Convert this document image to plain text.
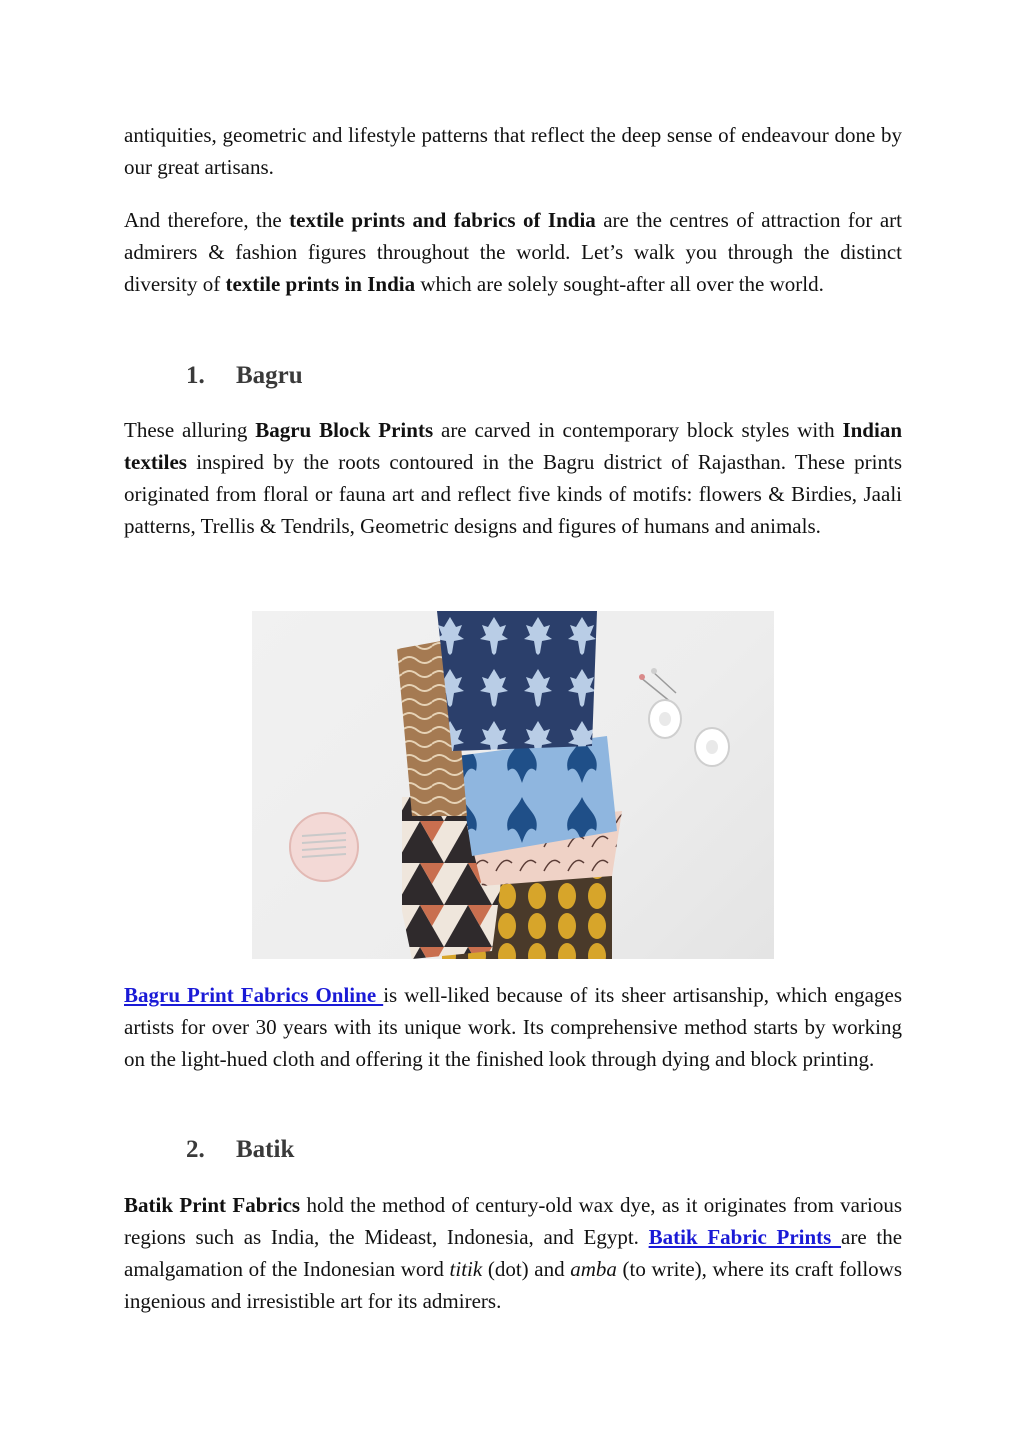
antiquities, geometric and lifestyle patterns that reflect the deep sense of endeavour done by our great artisans.

And therefore, the textile prints and fabrics of India are the centres of attraction for art admirers & fashion figures throughout the world. Let’s walk you through the distinct diversity of textile prints in India which are solely sought-after all over the world.

1.	Bagru

These alluring Bagru Block Prints are carved in contemporary block styles with Indian textiles inspired by the roots contoured in the Bagru district of Rajasthan. These prints originated from floral or fauna art and reflect five kinds of motifs: flowers & Birdies, Jaali patterns, Trellis & Tendrils, Geometric designs and figures of humans and animals.

Bagru Print Fabrics Online is well-liked because of its sheer artisanship, which engages artists for over 30 years with its unique work. Its comprehensive method starts by working on the light-hued cloth and offering it the finished look through dying and block printing.

2.	Batik

Batik Print Fabrics hold the method of century-old wax dye, as it originates from various regions such as India, the Mideast, Indonesia, and Egypt. Batik Fabric Prints are the amalgamation of the Indonesian word titik (dot) and amba (to write), where its craft follows ingenious and irresistible art for its admirers.
